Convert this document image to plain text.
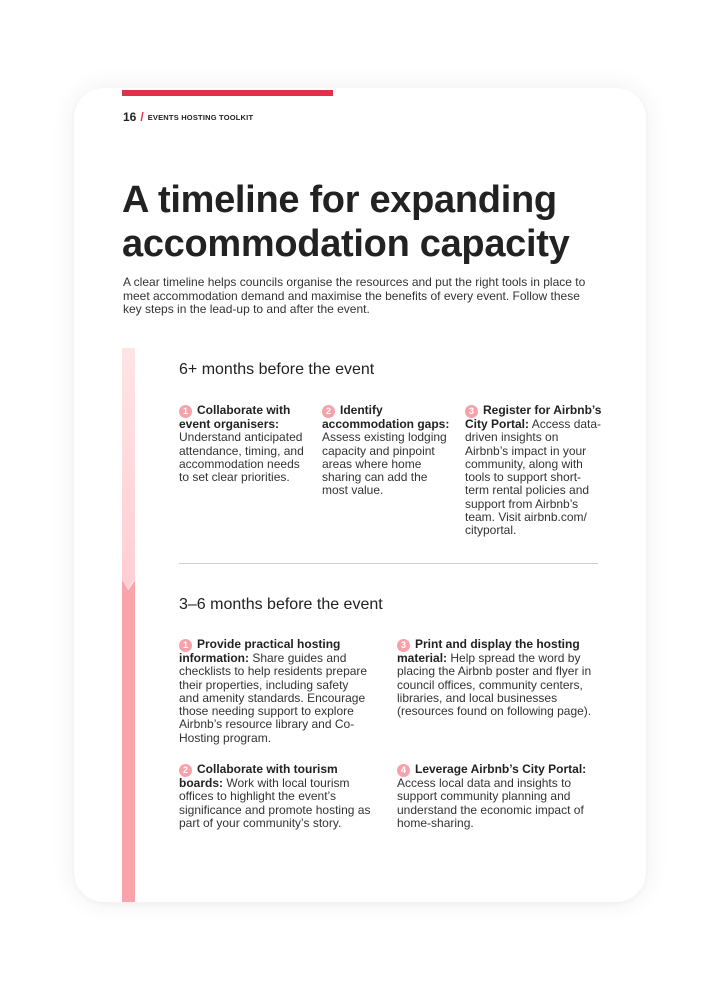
16 / EVENTS HOSTING TOOLKIT
A timeline for expanding accommodation capacity

A clear timeline helps councils organise the resources and put the right tools in place to meet accommodation demand and maximise the benefits of every event. Follow these key steps in the lead-up to and after the event.

6+ months before the event

1 Collaborate with event organisers: Understand anticipated attendance, timing, and accommodation needs to set clear priorities.

2 Identify accommodation gaps: Assess existing lodging capacity and pinpoint areas where home sharing can add the most value.

3 Register for Airbnb’s City Portal: Access data-driven insights on Airbnb’s impact in your community, along with tools to support short-term rental policies and support from Airbnb’s team. Visit airbnb.com/ cityportal.

3–6 months before the event

1 Provide practical hosting information: Share guides and checklists to help residents prepare their properties, including safety and amenity standards. Encourage those needing support to explore Airbnb’s resource library and Co-Hosting program.

2 Collaborate with tourism boards: Work with local tourism offices to highlight the event’s significance and promote hosting as part of your community’s story.

3 Print and display the hosting material: Help spread the word by placing the Airbnb poster and flyer in council offices, community centers, libraries, and local businesses (resources found on following page).

4 Leverage Airbnb’s City Portal: Access local data and insights to support community planning and understand the economic impact of home-sharing.
